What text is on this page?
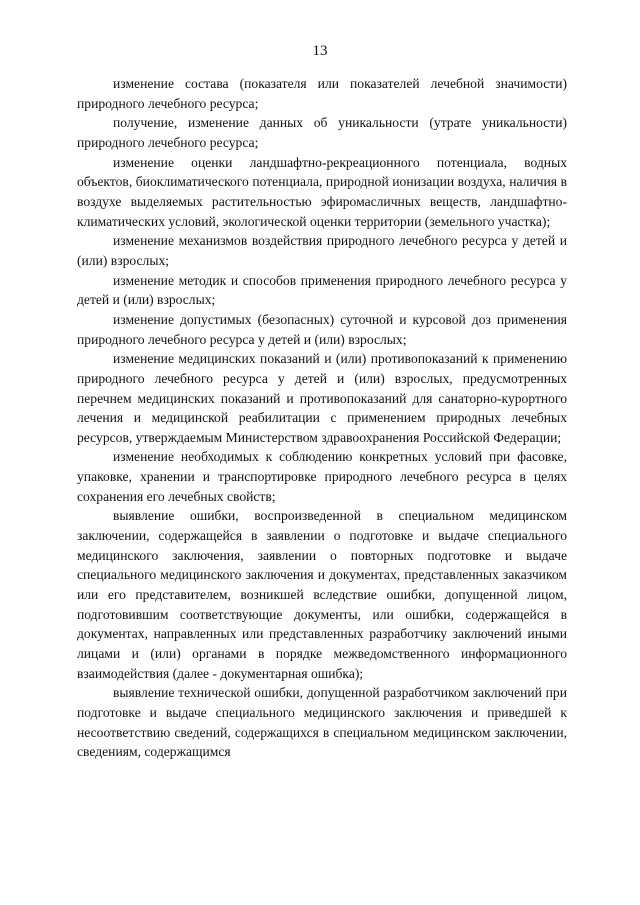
13

изменение состава (показателя или показателей лечебной значимости) природного лечебного ресурса;

получение, изменение данных об уникальности (утрате уникальности) природного лечебного ресурса;

изменение оценки ландшафтно-рекреационного потенциала, водных объектов, биоклиматического потенциала, природной ионизации воздуха, наличия в воздухе выделяемых растительностью эфиромасличных веществ, ландшафтно-климатических условий, экологической оценки территории (земельного участка);

изменение механизмов воздействия природного лечебного ресурса у детей и (или) взрослых;

изменение методик и способов применения природного лечебного ресурса у детей и (или) взрослых;

изменение допустимых (безопасных) суточной и курсовой доз применения природного лечебного ресурса у детей и (или) взрослых;

изменение медицинских показаний и (или) противопоказаний к применению природного лечебного ресурса у детей и (или) взрослых, предусмотренных перечнем медицинских показаний и противопоказаний для санаторно-курортного лечения и медицинской реабилитации с применением природных лечебных ресурсов, утверждаемым Министерством здравоохранения Российской Федерации;

изменение необходимых к соблюдению конкретных условий при фасовке, упаковке, хранении и транспортировке природного лечебного ресурса в целях сохранения его лечебных свойств;

выявление ошибки, воспроизведенной в специальном медицинском заключении, содержащейся в заявлении о подготовке и выдаче специального медицинского заключения, заявлении о повторных подготовке и выдаче специального медицинского заключения и документах, представленных заказчиком или его представителем, возникшей вследствие ошибки, допущенной лицом, подготовившим соответствующие документы, или ошибки, содержащейся в документах, направленных или представленных разработчику заключений иными лицами и (или) органами в порядке межведомственного информационного взаимодействия (далее - документарная ошибка);

выявление технической ошибки, допущенной разработчиком заключений при подготовке и выдаче специального медицинского заключения и приведшей к несоответствию сведений, содержащихся в специальном медицинском заключении, сведениям, содержащимся
